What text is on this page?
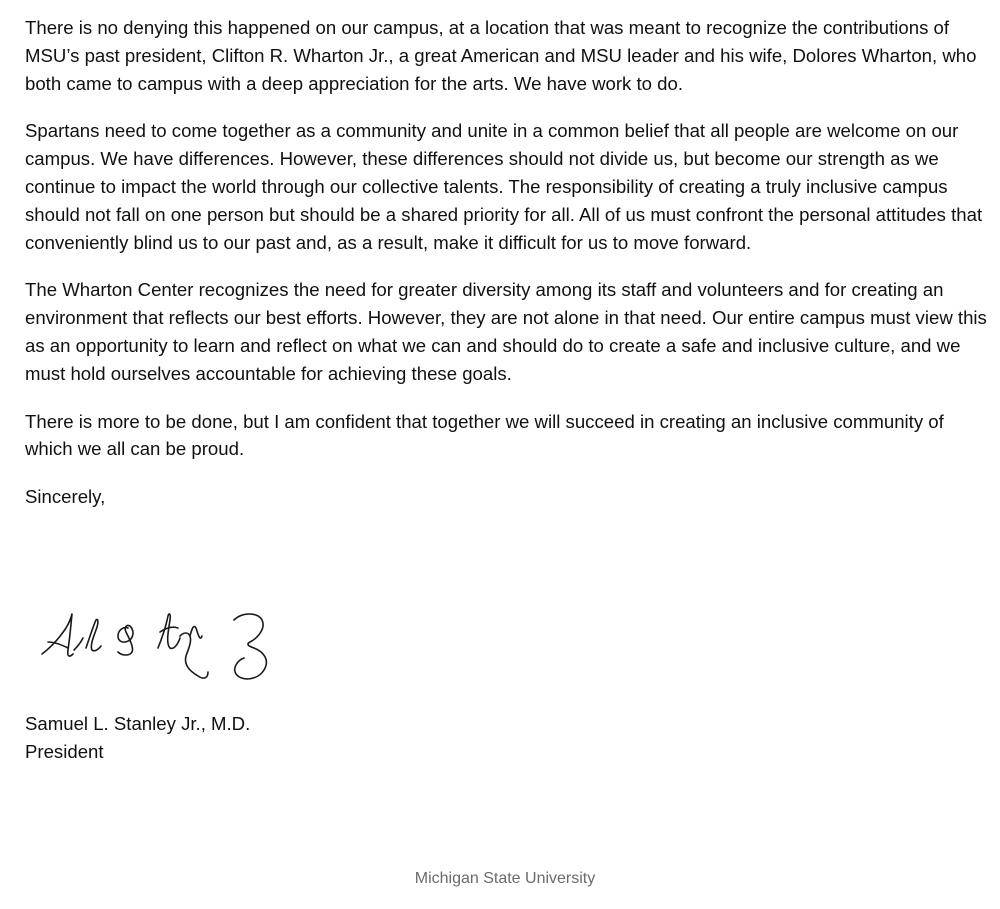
There is no denying this happened on our campus, at a location that was meant to recognize the contributions of MSU’s past president, Clifton R. Wharton Jr., a great American and MSU leader and his wife, Dolores Wharton, who both came to campus with a deep appreciation for the arts. We have work to do.

Spartans need to come together as a community and unite in a common belief that all people are welcome on our campus. We have differences. However, these differences should not divide us, but become our strength as we continue to impact the world through our collective talents. The responsibility of creating a truly inclusive campus should not fall on one person but should be a shared priority for all. All of us must confront the personal attitudes that conveniently blind us to our past and, as a result, make it difficult for us to move forward.

The Wharton Center recognizes the need for greater diversity among its staff and volunteers and for creating an environment that reflects our best efforts. However, they are not alone in that need. Our entire campus must view this as an opportunity to learn and reflect on what we can and should do to create a safe and inclusive culture, and we must hold ourselves accountable for achieving these goals.

There is more to be done, but I am confident that together we will succeed in creating an inclusive community of which we all can be proud.

Sincerely,

Samuel L. Stanley Jr., M.D.
President
Michigan State University
